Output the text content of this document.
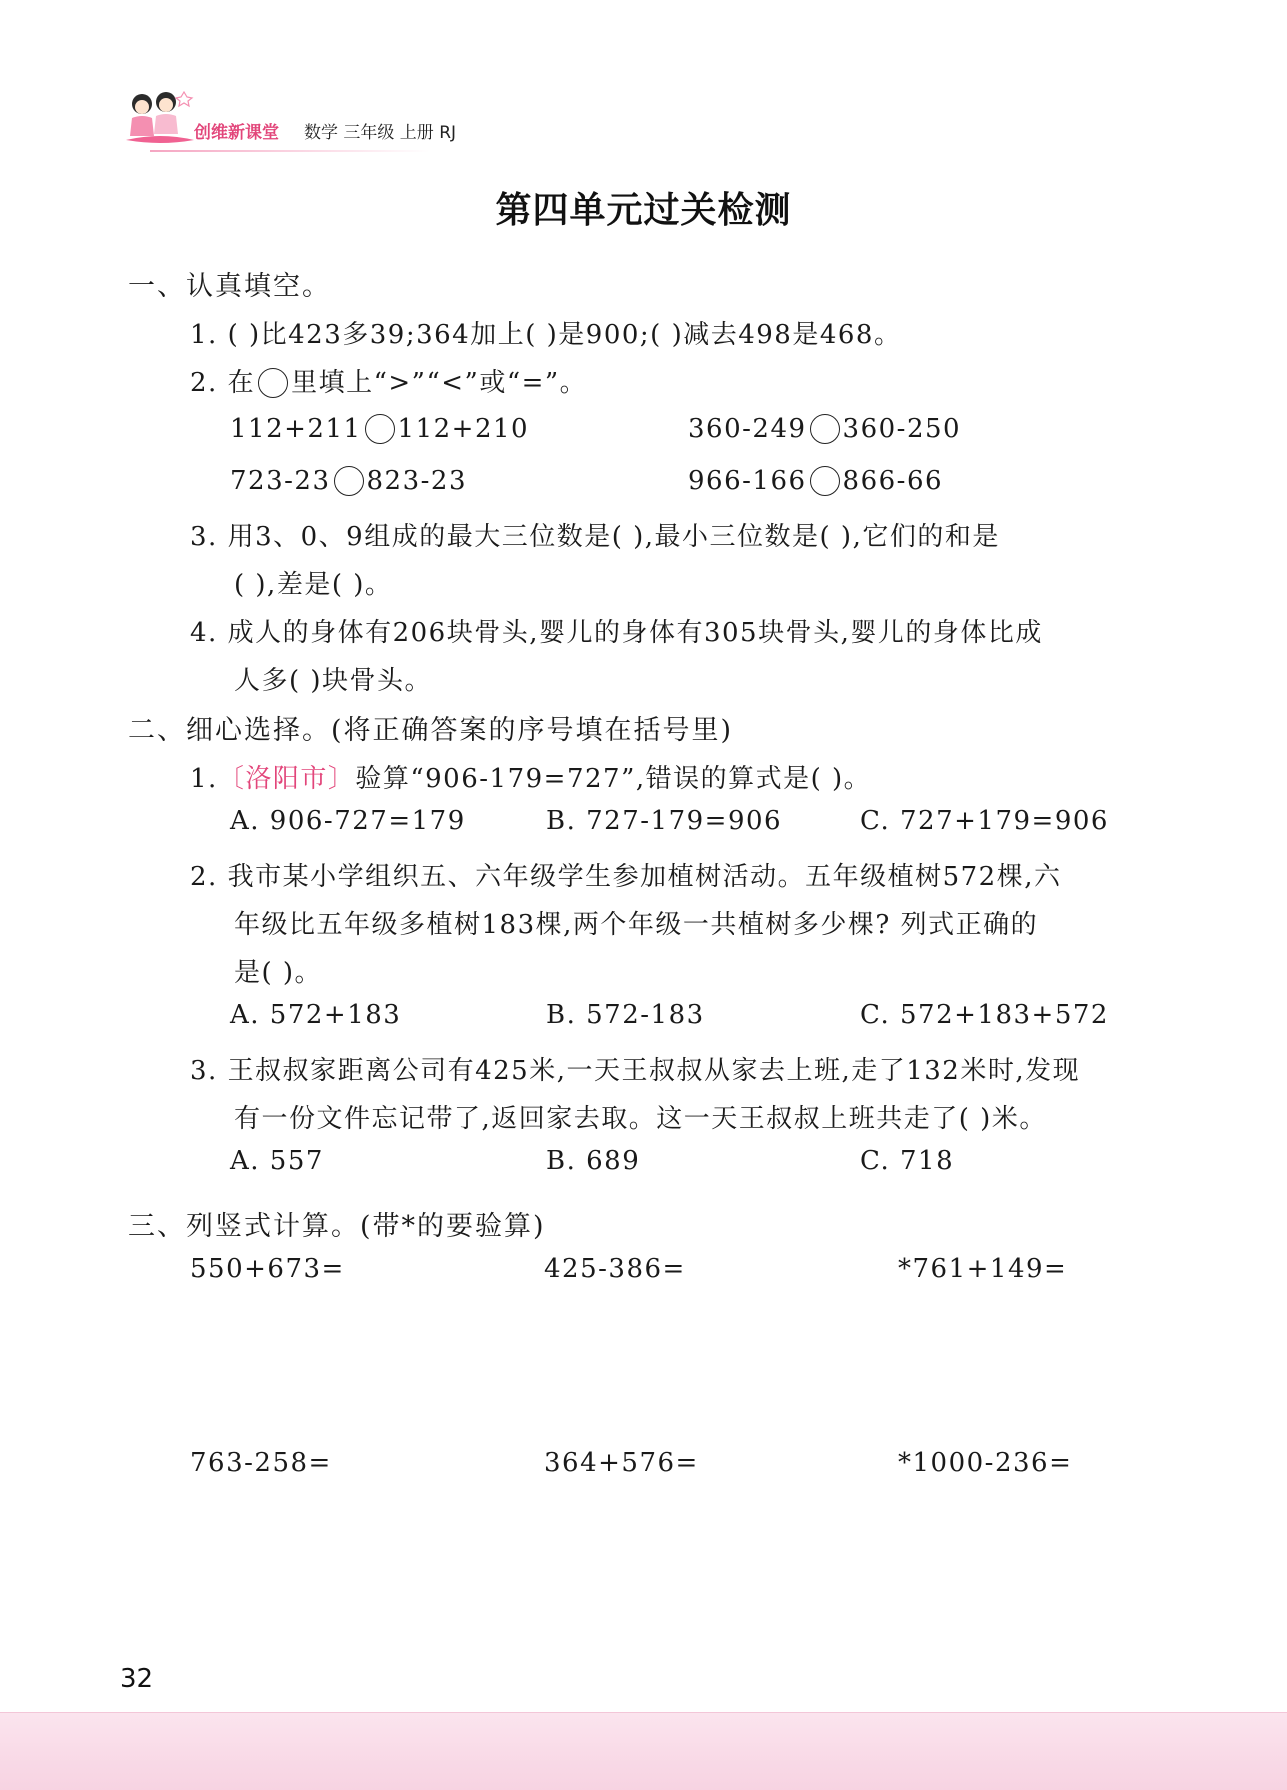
创维新课堂 数学 三年级 上册 RJ
第四单元过关检测
一、认真填空。
1. ( )比423多39;364加上( )是900;( )减去498是468。
2. 在 里填上“>”“<”或“=”。
112+211 112+210	360-249 360-250
723-23 823-23	966-166 866-66
3. 用3、0、9组成的最大三位数是( ),最小三位数是( ),它们的和是
( ),差是( )。
4. 成人的身体有206块骨头,婴儿的身体有305块骨头,婴儿的身体比成
人多( )块骨头。
二、细心选择。(将正确答案的序号填在括号里)
1.〔洛阳市〕验算“906-179=727”,错误的算式是( )。
A. 906-727=179	B. 727-179=906	C. 727+179=906
2. 我市某小学组织五、六年级学生参加植树活动。五年级植树572棵,六
年级比五年级多植树183棵,两个年级一共植树多少棵? 列式正确的
是( )。
A. 572+183	B. 572-183	C. 572+183+572
3. 王叔叔家距离公司有425米,一天王叔叔从家去上班,走了132米时,发现
有一份文件忘记带了,返回家去取。这一天王叔叔上班共走了( )米。
A. 557	B. 689	C. 718
三、列竖式计算。(带*的要验算)
550+673=	425-386=	*761+149=
763-258=	364+576=	*1000-236=
32
